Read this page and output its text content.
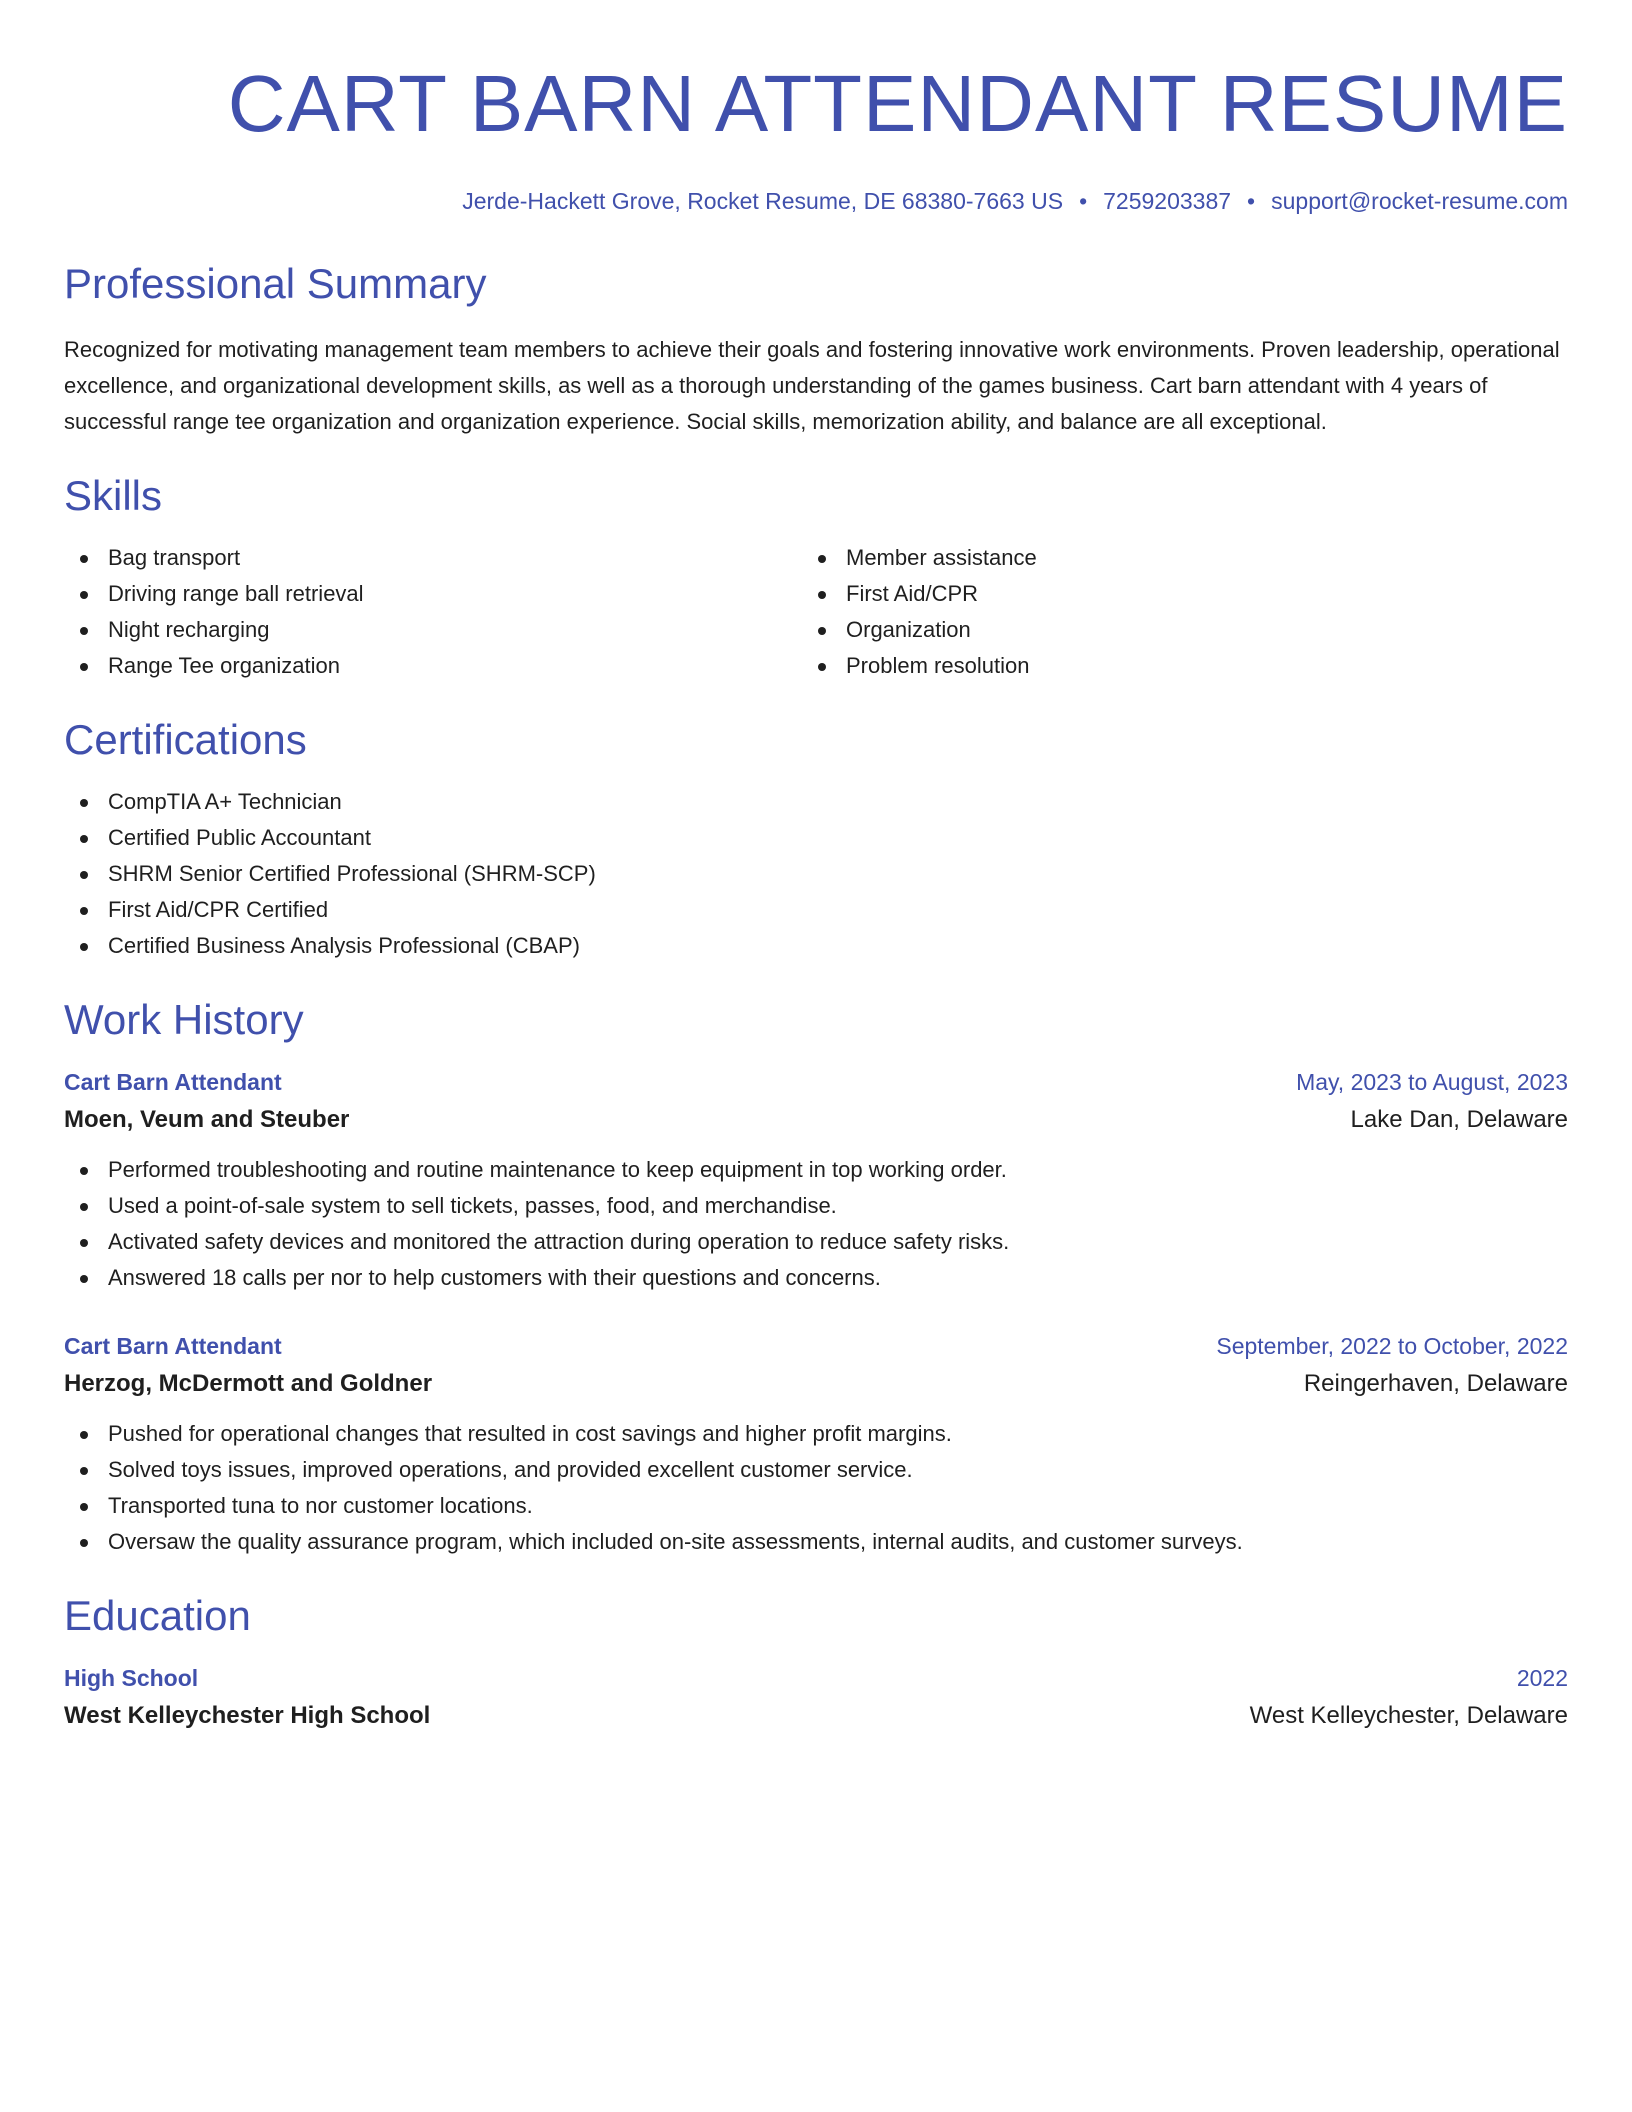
CART BARN ATTENDANT RESUME
Jerde-Hackett Grove, Rocket Resume, DE 68380-7663 US • 7259203387 • support@rocket-resume.com
Professional Summary

Recognized for motivating management team members to achieve their goals and fostering innovative work environments. Proven leadership, operational excellence, and organizational development skills, as well as a thorough understanding of the games business. Cart barn attendant with 4 years of successful range tee organization and organization experience. Social skills, memorization ability, and balance are all exceptional.

Skills
Bag transport
Driving range ball retrieval
Night recharging
Range Tee organization
Member assistance
First Aid/CPR
Organization
Problem resolution
Certifications
CompTIA A+ Technician
Certified Public Accountant
SHRM Senior Certified Professional (SHRM-SCP)
First Aid/CPR Certified
Certified Business Analysis Professional (CBAP)
Work History
Cart Barn Attendant	May, 2023 to August, 2023
Moen, Veum and Steuber	Lake Dan, Delaware
Performed troubleshooting and routine maintenance to keep equipment in top working order.
Used a point-of-sale system to sell tickets, passes, food, and merchandise.
Activated safety devices and monitored the attraction during operation to reduce safety risks.
Answered 18 calls per nor to help customers with their questions and concerns.
Cart Barn Attendant	September, 2022 to October, 2022
Herzog, McDermott and Goldner	Reingerhaven, Delaware
Pushed for operational changes that resulted in cost savings and higher profit margins.
Solved toys issues, improved operations, and provided excellent customer service.
Transported tuna to nor customer locations.
Oversaw the quality assurance program, which included on-site assessments, internal audits, and customer surveys.
Education
High School	2022
West Kelleychester High School	West Kelleychester, Delaware
